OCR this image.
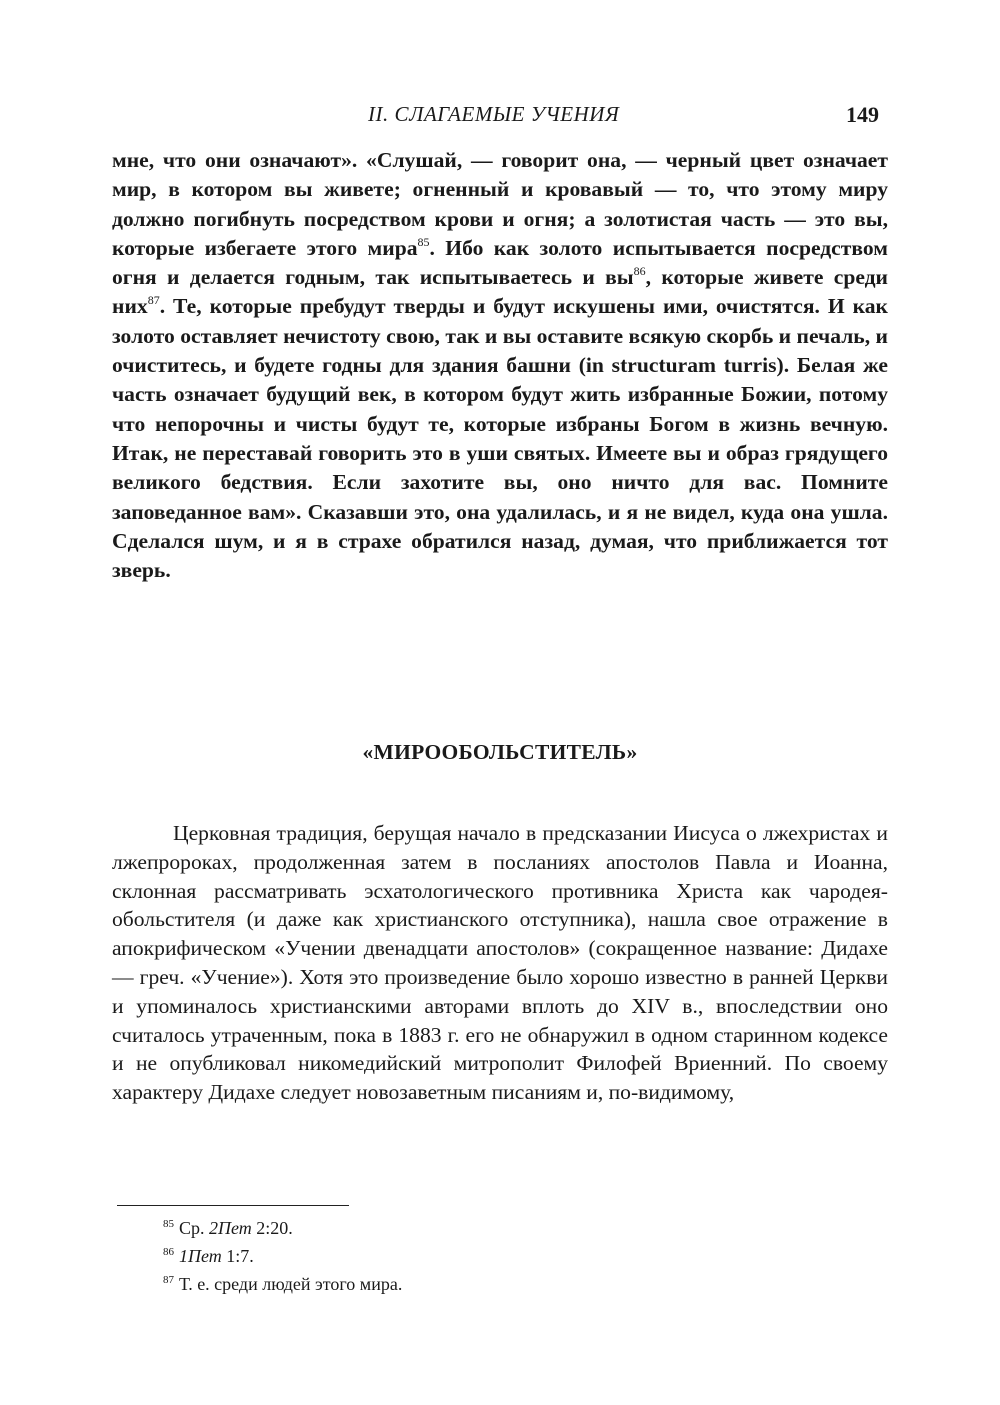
II. СЛАГАЕМЫЕ УЧЕНИЯ	149

мне, что они означают». «Слушай, — говорит она, — черный цвет означает мир, в котором вы живете; огненный и кровавый — то, что этому миру должно погибнуть посредством крови и огня; а золотистая часть — это вы, которые избегаете этого мира$^{85}$. Ибо как золото испытывается посредством огня и делается годным, так испытываетесь и $вы^{86}$, которые живете среди них$^{87}$. Те, которые пребудут тверды и будут искушены ими, очистятся. И как золото оставляет нечистоту свою, так и вы оставите всякую скорбь и печаль, и очиститесь, и будете годны для здания башни (in structuram turris). Белая же часть означает будущий век, в котором будут жить избранные Божии, потому что непорочны и чисты будут те, которые избраны Богом в жизнь вечную. Итак, не переставай говорить это в уши святых. Имеете вы и образ грядущего великого бедствия. Если захотите вы, оно ничто для вас. Помните заповеданное вам». Сказавши это, она удалилась, и я не видел, куда она ушла. Сделался шум, и я в страхе обратился назад, думая, что приближается тот зверь.

«МИРООБОЛЬСТИТЕЛЬ»

Церковная традиция, берущая начало в предсказании Иисуса о лжехристах и лжепророках, продолженная затем в посланиях апостолов Павла и Иоанна, склонная рассматривать эсхатологического противника Христа как чародея-обольстителя (и даже как христианского отступника), нашла свое отражение в апокрифическом «Учении двенадцати апостолов» (сокращенное название: Дидахе — греч. «Учение»). Хотя это произведение было хорошо известно в ранней Церкви и упоминалось христианскими авторами вплоть до XIV в., впоследствии оно считалось утраченным, пока в 1883 г. его не обнаружил в одном старинном кодексе и не опубликовал никомедийский митрополит Филофей Вриенний. По своему характеру Дидахе следует новозаветным писаниям и, по-видимому,

$^{85}$ Ср. 2Пет 2:20.

$^{86}$ 1Пет 1:7.

$^{87}$ Т. е. среди людей этого мира.
